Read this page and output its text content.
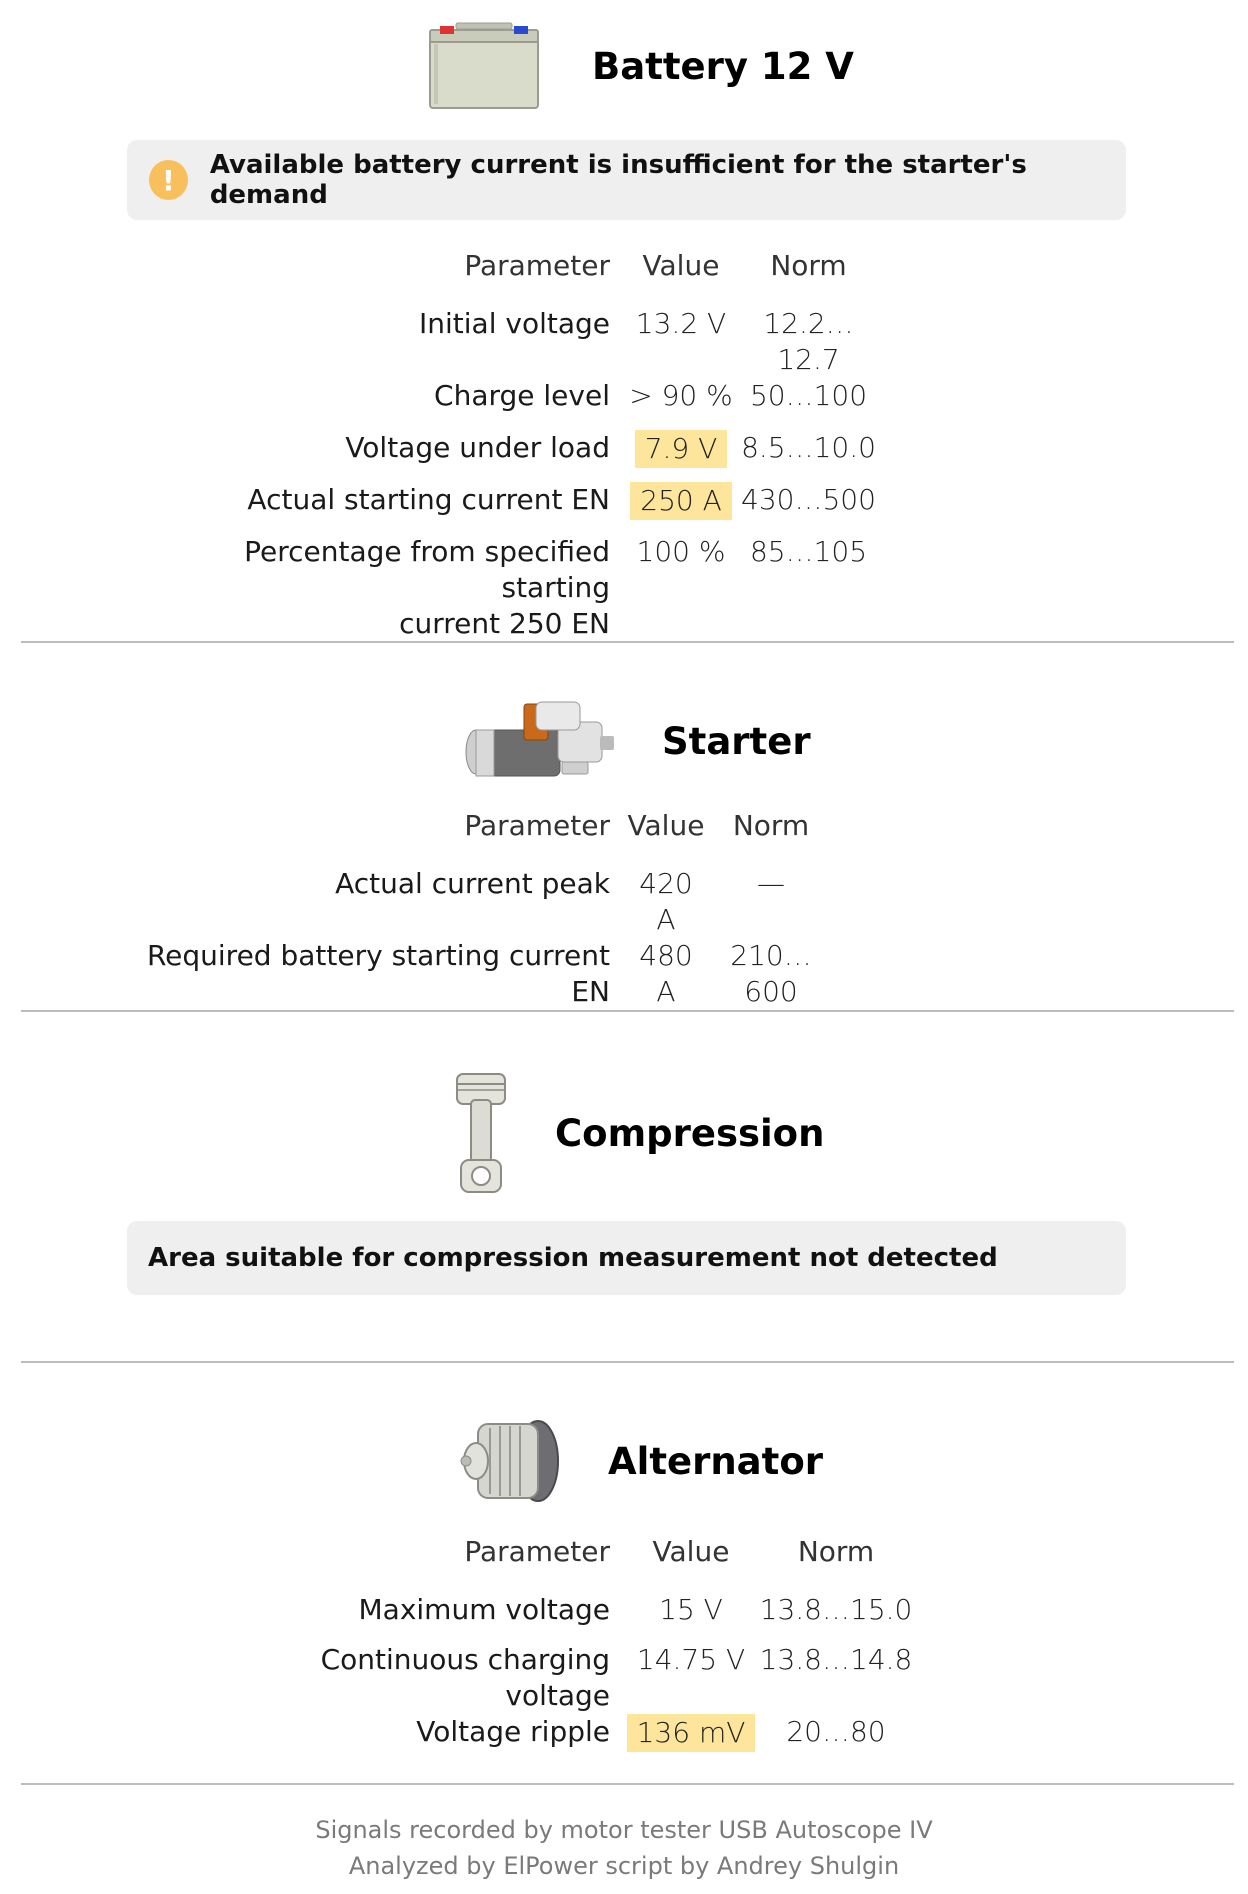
Battery 12 V
!	Available battery current is insufficient for the starter's demand
Parameter	Value	Norm
Initial voltage	13.2 V	12.2…12.7
Charge level	> 90 %	50…100
Voltage under load	7.9 V	8.5…10.0
Actual starting current EN	250 A	430…500

Percentage from specified starting
current 250 EN	100 %	85…105
Starter
Parameter	Value	Norm
Actual current peak	420 A	—
Required battery starting current EN	480 A	210…600
Compression
Area suitable for compression measurement not detected
Alternator
Parameter	Value	Norm
Maximum voltage	15 V	13.8…15.0
Continuous charging voltage	14.75 V	13.8…14.8
Voltage ripple	136 mV	20…80
Signals recorded by motor tester USB Autoscope IV
Analyzed by ElPower script by Andrey Shulgin
